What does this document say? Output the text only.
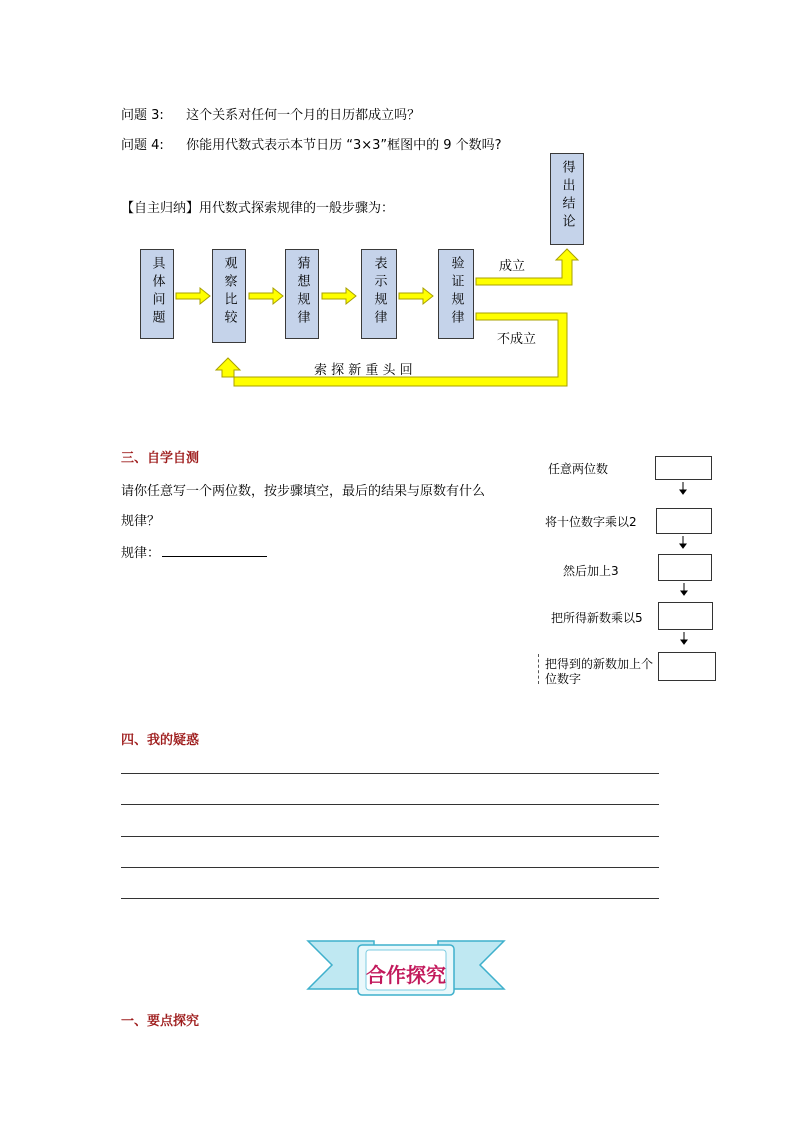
问题 3: 这个关系对任何一个月的日历都成立吗？
问题 4: 你能用代数式表示本节日历 “3×3”框图中的 9 个数吗?
【自主归纳】用代数式探索规律的一般步骤为：
具体问题	观察比较	猜想规律	表示规律	验证规律
得出结论
成立
不成立
索 探 新 重 头 回
三、自学自测
请你任意写一个两位数，按步骤填空，最后的结果与原数有什么
规律？
规律：
任意两位数
将十位数字乘以2
然后加上3
把所得新数乘以5
把得到的新数加上个
位数字
四、我的疑惑
合作探究
一、要点探究
